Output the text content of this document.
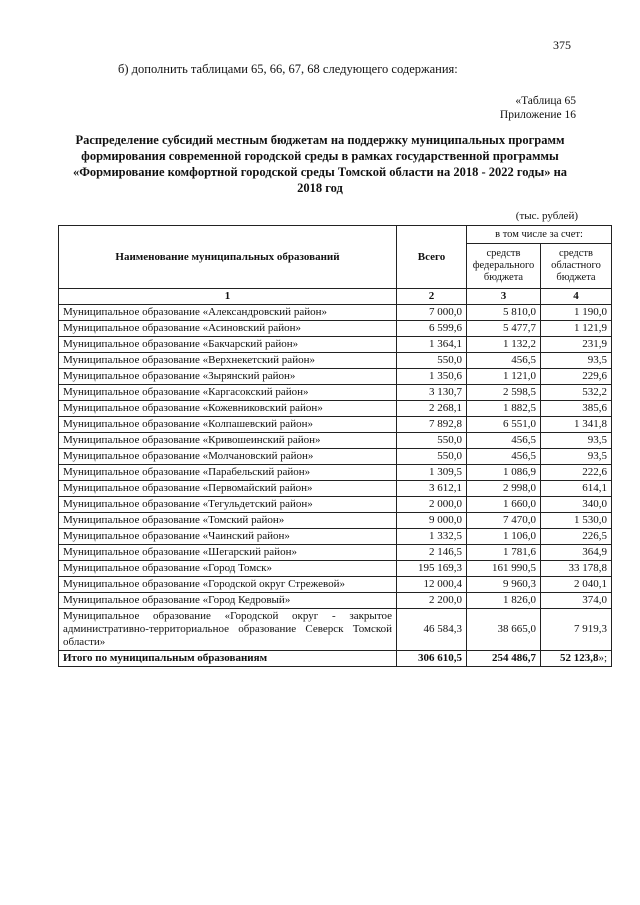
375
б) дополнить таблицами 65, 66, 67, 68 следующего содержания:
«Таблица 65
Приложение 16
Распределение субсидий местным бюджетам на поддержку муниципальных программ формирования современной городской среды в рамках государственной программы «Формирование комфортной городской среды Томской области на 2018 - 2022 годы» на 2018 год
(тыс. рублей)
Наименование муниципальных образований	Всего	в том числе за счет:	
		средств федерального бюджета	средств областного бюджета
1	2	3	4
Муниципальное образование «Александровский район»	7 000,0	5 810,0	1 190,0
Муниципальное образование «Асиновский район»	6 599,6	5 477,7	1 121,9
Муниципальное образование «Бакчарский район»	1 364,1	1 132,2	231,9
Муниципальное образование «Верхнекетский район»	550,0	456,5	93,5
Муниципальное образование «Зырянский район»	1 350,6	1 121,0	229,6
Муниципальное образование «Каргасокский район»	3 130,7	2 598,5	532,2
Муниципальное образование «Кожевниковский район»	2 268,1	1 882,5	385,6
Муниципальное образование «Колпашевский район»	7 892,8	6 551,0	1 341,8
Муниципальное образование «Кривошеинский район»	550,0	456,5	93,5
Муниципальное образование «Молчановский район»	550,0	456,5	93,5
Муниципальное образование «Парабельский район»	1 309,5	1 086,9	222,6
Муниципальное образование «Первомайский район»	3 612,1	2 998,0	614,1
Муниципальное образование «Тегульдетский район»	2 000,0	1 660,0	340,0
Муниципальное образование «Томский район»	9 000,0	7 470,0	1 530,0
Муниципальное образование «Чаинский район»	1 332,5	1 106,0	226,5
Муниципальное образование «Шегарский район»	2 146,5	1 781,6	364,9
Муниципальное образование «Город Томск»	195 169,3	161 990,5	33 178,8
Муниципальное образование «Городской округ Стрежевой»	12 000,4	9 960,3	2 040,1
Муниципальное образование «Город Кедровый»	2 200,0	1 826,0	374,0
Муниципальное образование «Городской округ - закрытое административно-территориальное образование Северск Томской области»	46 584,3	38 665,0	7 919,3
Итого по муниципальным образованиям	306 610,5	254 486,7	52 123,8»;
